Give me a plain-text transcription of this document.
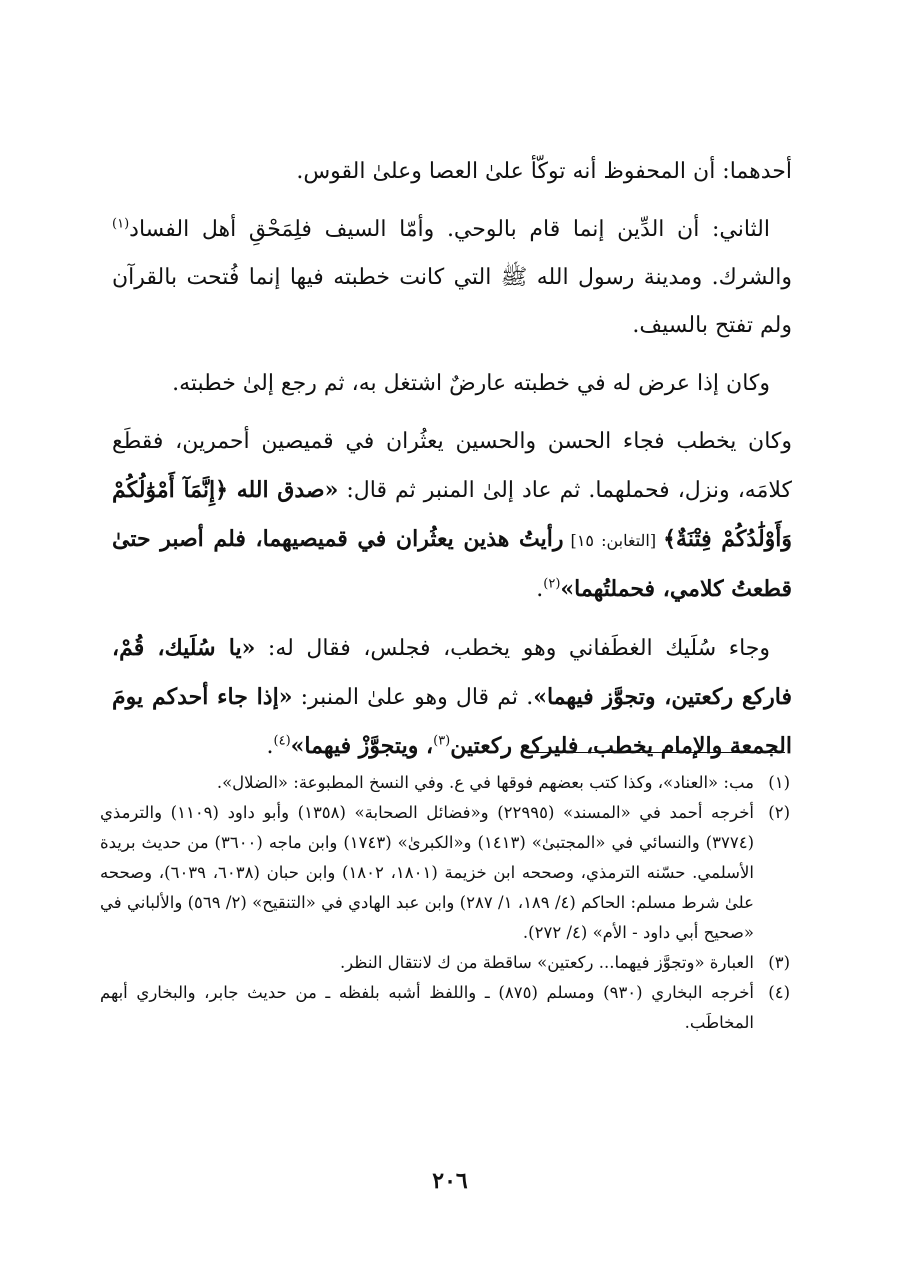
أحدهما: أن المحفوظ أنه توكّأ علىٰ العصا وعلىٰ القوس.

الثاني: أن الدِّين إنما قام بالوحي. وأمّا السيف فلِمَحْقِ أهل الفساد$^{(١)}$ والشرك. ومدينة رسول الله ﷺ التي كانت خطبته فيها إنما فُتحت بالقرآن ولم تفتح بالسيف.

وكان إذا عرض له في خطبته عارضٌ اشتغل به، ثم رجع إلىٰ خطبته.

وكان يخطب فجاء الحسن والحسين يعثُران في قميصين أحمرين، فقطَع كلامَه، ونزل، فحملهما. ثم عاد إلىٰ المنبر ثم قال: «صدق الله ﴿إِنَّمَآ أَمْوَٰلُكُمْ وَأَوْلَٰدُكُمْ فِتْنَةٌ﴾ [التغابن: ١٥] رأيتُ هذين يعثُران في قميصيهما، فلم أصبر حتىٰ قطعتُ كلامي، فحملتُهما»$^{(٢)}$.

وجاء سُلَيك الغطَفاني وهو يخطب، فجلس، فقال له: «يا سُلَيك، قُمْ، فاركع ركعتين، وتجوَّز فيهما». ثم قال وهو علىٰ المنبر: «إذا جاء أحدكم يومَ الجمعة والإمام يخطب، فليركع ركعتين$^{(٣)}$، ويتجوَّزْ فيهما»$^{(٤)}$.

(١)
مب: «العناد»، وكذا كتب بعضهم فوقها في ع. وفي النسخ المطبوعة: «الضلال».
(٢)
أخرجه أحمد في «المسند» (٢٢٩٩٥) و«فضائل الصحابة» (١٣٥٨) وأبو داود (١١٠٩) والترمذي (٣٧٧٤) والنسائي في «المجتبىٰ» (١٤١٣) و«الكبرىٰ» (١٧٤٣) وابن ماجه (٣٦٠٠) من حديث بريدة الأسلمي. حسّنه الترمذي، وصححه ابن خزيمة (١٨٠١، ١٨٠٢) وابن حبان (٦٠٣٨، ٦٠٣٩)، وصححه علىٰ شرط مسلم: الحاكم (٤/ ١٨٩، ١/ ٢٨٧) وابن عبد الهادي في «التنقيح» (٢/ ٥٦٩) والألباني في «صحيح أبي داود - الأم» (٤/ ٢٧٢).
(٣)
العبارة «وتجوَّز فيهما... ركعتين» ساقطة من ك لانتقال النظر.
(٤)
أخرجه البخاري (٩٣٠) ومسلم (٨٧٥) ـ واللفظ أشبه بلفظه ـ من حديث جابر، والبخاري أبهم المخاطَب.
٢٠٦
